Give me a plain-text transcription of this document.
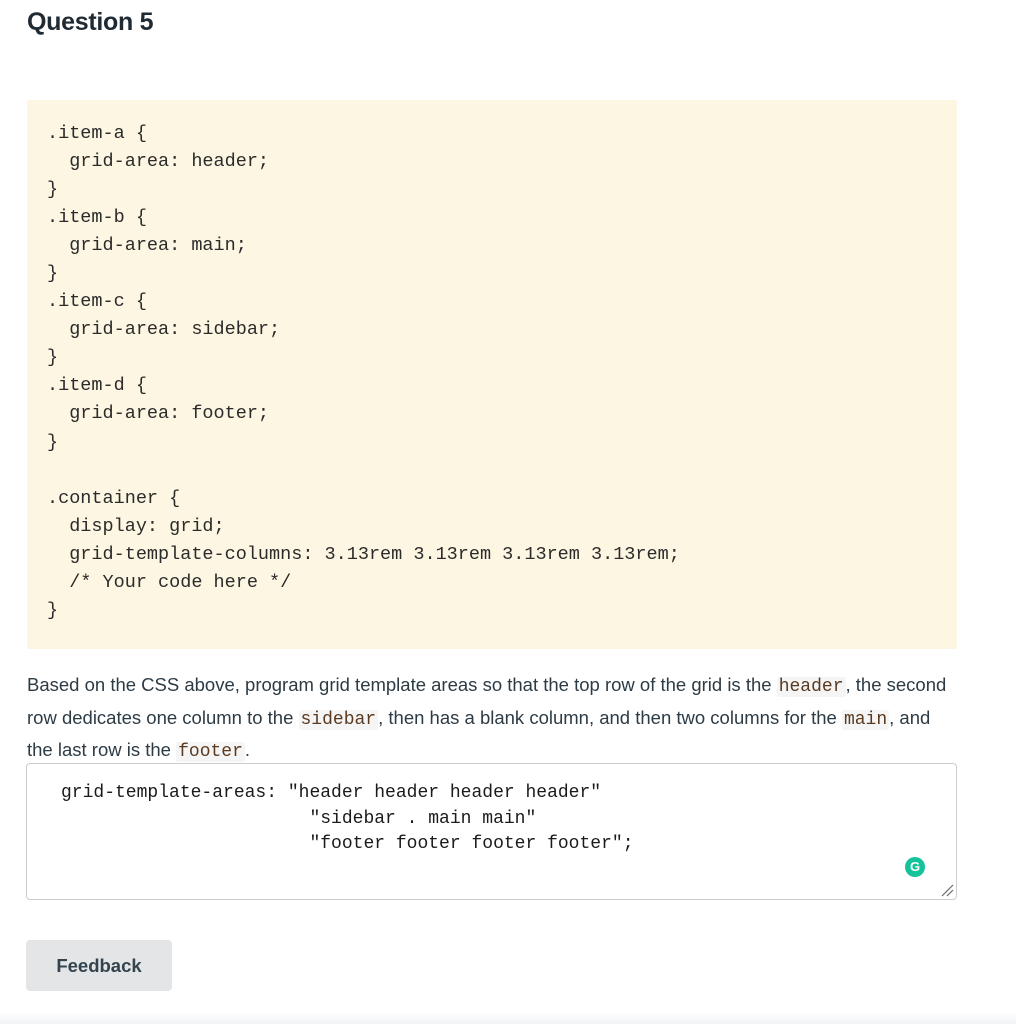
Question 5
.item-a {
grid-area: header;
}
.item-b {
grid-area: main;
}
.item-c {
grid-area: sidebar;
}
.item-d {
grid-area: footer;
}
.container {
display: grid;
grid-template-columns: 3.13rem 3.13rem 3.13rem 3.13rem;
/* Your code here */
}

Based on the CSS above, program grid template areas so that the top row of the grid is the header , the second row dedicates one column to the sidebar , then has a blank column, and then two columns for the main , and the last row is the footer .

grid-template-areas: "header header header header"
"sidebar . main main"
"footer footer footer footer";
G
Feedback
